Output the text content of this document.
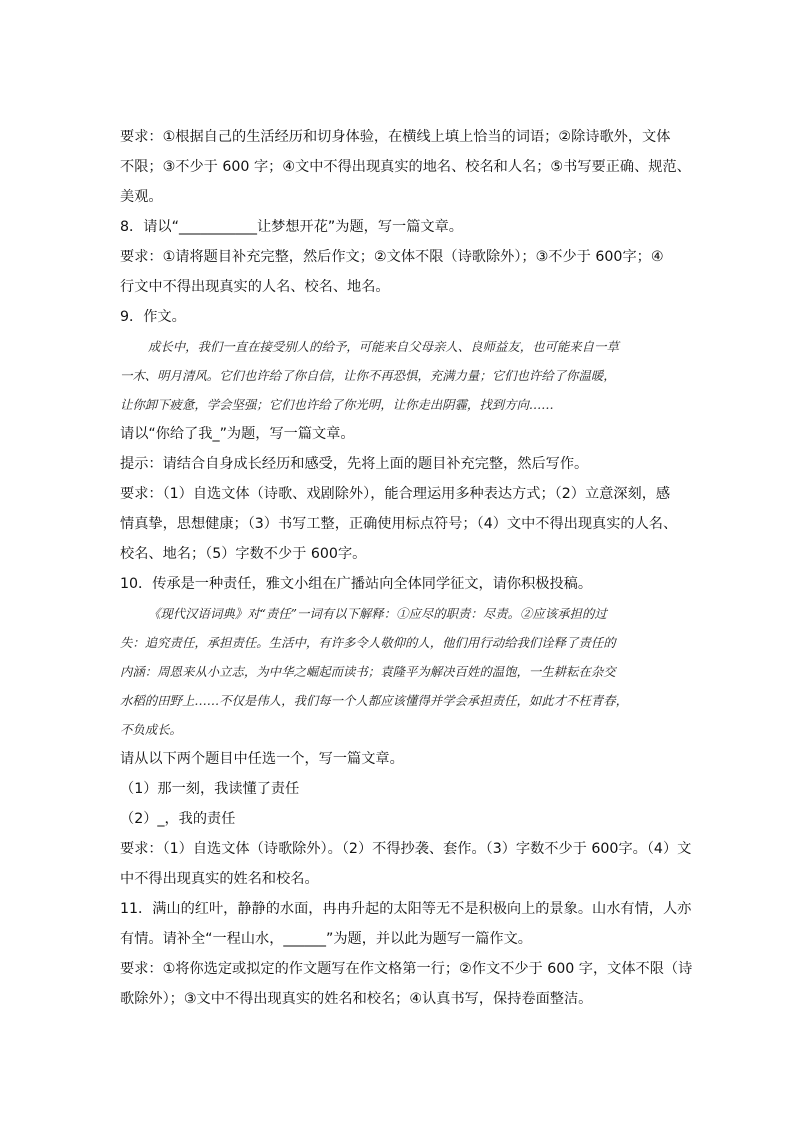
要求：①根据自己的生活经历和切身体验，在横线上填上恰当的词语；②除诗歌外，文体

不限；③不少于 600 字；④文中不得出现真实的地名、校名和人名；⑤书写要正确、规范、

美观。

8．请以“___________让梦想开花”为题，写一篇文章。

要求：①请将题目补充完整，然后作文；②文体不限（诗歌除外）；③不少于 600字；④

行文中不得出现真实的人名、校名、地名。

9．作文。

成长中，我们一直在接受别人的给予，可能来自父母亲人、良师益友，也可能来自一草

一木、明月清风。它们也许给了你自信，让你不再恐惧，充满力量；它们也许给了你温暖，

让你卸下疲惫，学会坚强；它们也许给了你光明，让你走出阴霾，找到方向……

请以“你给了我_”为题，写一篇文章。

提示：请结合自身成长经历和感受，先将上面的题目补充完整，然后写作。

要求：（1）自选文体（诗歌、戏剧除外），能合理运用多种表达方式；（2）立意深刻，感

情真挚，思想健康；（3）书写工整，正确使用标点符号；（4）文中不得出现真实的人名、

校名、地名；（5）字数不少于 600字。

10．传承是一种责任，雅文小组在广播站向全体同学征文，请你积极投稿。

《现代汉语词典》对“责任”一词有以下解释：①应尽的职责：尽责。②应该承担的过

失：追究责任，承担责任。生活中，有许多令人敬仰的人，他们用行动给我们诠释了责任的

内涵：周恩来从小立志，为中华之崛起而读书；袁隆平为解决百姓的温饱，一生耕耘在杂交

水稻的田野上……不仅是伟人，我们每一个人都应该懂得并学会承担责任，如此才不枉青春，

不负成长。

请从以下两个题目中任选一个，写一篇文章。

（1）那一刻，我读懂了责任

（2）_，我的责任

要求：（1）自选文体（诗歌除外）。（2）不得抄袭、套作。（3）字数不少于 600字。（4）文

中不得出现真实的姓名和校名。

11．满山的红叶，静静的水面，冉冉升起的太阳等无不是积极向上的景象。山水有情，人亦

有情。请补全“一程山水，______”为题，并以此为题写一篇作文。

要求：①将你选定或拟定的作文题写在作文格第一行；②作文不少于 600 字，文体不限（诗

歌除外）；③文中不得出现真实的姓名和校名；④认真书写，保持卷面整洁。
